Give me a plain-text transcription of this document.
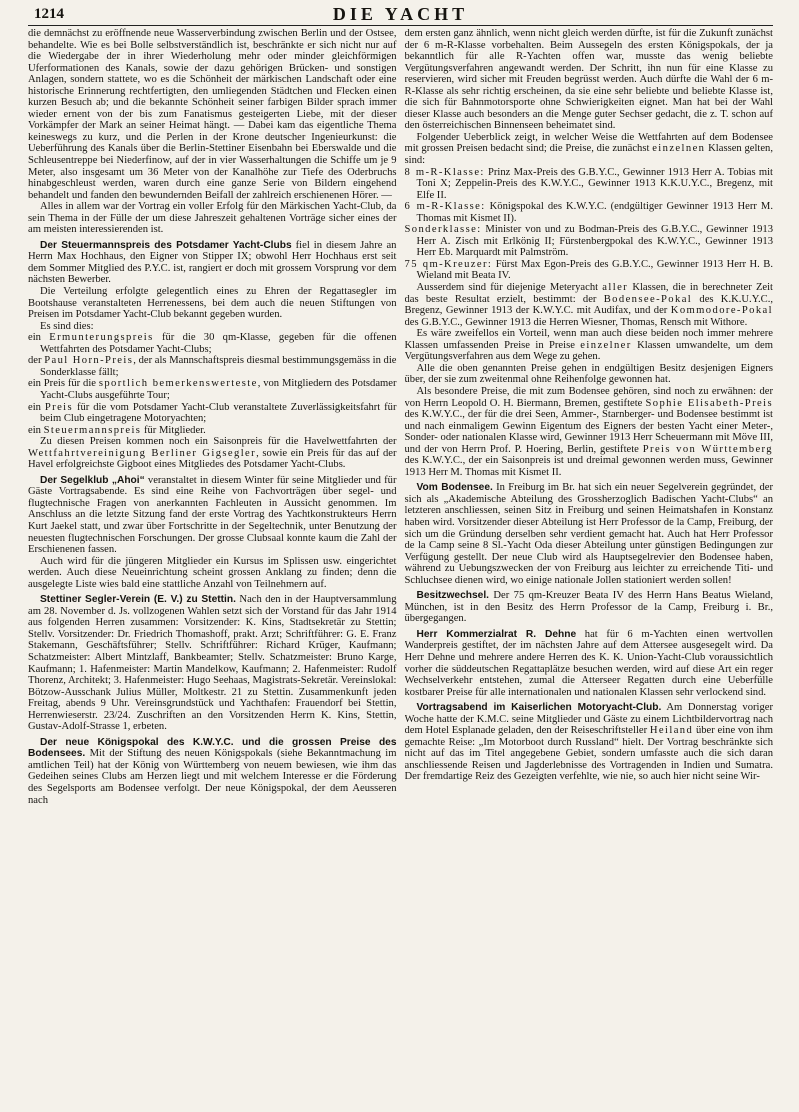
1214	DIE YACHT

die demnächst zu eröffnende neue Wasserverbindung zwischen Berlin und der Ostsee, behandelte. Wie es bei Bolle selbstverständlich ist, beschränkte er sich nicht nur auf die Wiedergabe der in ihrer Wiederholung mehr oder minder gleichförmigen Uferformationen des Kanals, sowie der dazu gehörigen Brücken- und sonstigen Anlagen, sondern stattete, wo es die Schönheit der märkischen Landschaft oder eine historische Erinnerung rechtfertigten, den umliegenden Städtchen und Flecken einen kurzen Besuch ab; und die bekannte Schönheit seiner farbigen Bilder sprach immer wieder ernent von der bis zum Fanatismus gesteigerten Liebe, mit der dieser Vorkämpfer der Mark an seiner Heimat hängt. — Dabei kam das eigentliche Thema keineswegs zu kurz, und die Perlen in der Krone deutscher Ingenieurkunst: die Ueberführung des Kanals über die Berlin-Stettiner Eisenbahn bei Eberswalde und die Schleusentreppe bei Niederfinow, auf der in vier Wasserhaltungen die Schiffe um je 9 Meter, also insgesamt um 36 Meter von der Kanalhöhe zur Tiefe des Oderbruchs hinabgeschleust werden, waren durch eine ganze Serie von Bildern eingehend behandelt und fanden den bewundernden Beifall der zahlreich erschienenen Hörer. —

Alles in allem war der Vortrag ein voller Erfolg für den Märkischen Yacht-Club, da sein Thema in der Fülle der um diese Jahreszeit gehaltenen Vorträge sicher eines der am meisten interessierenden ist.

Der Steuermannspreis des Potsdamer Yacht-Clubs fiel in diesem Jahre an Herrn Max Hochhaus, den Eigner von Stipper IX; obwohl Herr Hochhaus erst seit dem Sommer Mitglied des P.Y.C. ist, rangiert er doch mit grossem Vorsprung vor dem nächsten Bewerber.

Die Verteilung erfolgte gelegentlich eines zu Ehren der Regattasegler im Bootshause veranstalteten Herrenessens, bei dem auch die neuen Stiftungen von Preisen im Potsdamer Yacht-Club bekannt gegeben wurden.

Es sind dies:

ein Ermunterungspreis für die 30 qm-Klasse, gegeben für die offenen Wettfahrten des Potsdamer Yacht-Clubs;

der Paul Horn-Preis, der als Mannschaftspreis diesmal bestimmungsgemäss in die Sonderklasse fällt;

ein Preis für die sportlich bemerkenswerteste, von Mitgliedern des Potsdamer Yacht-Clubs ausgeführte Tour;

ein Preis für die vom Potsdamer Yacht-Club veranstaltete Zuverlässigkeitsfahrt für beim Club eingetragene Motoryachten;

ein Steuermannspreis für Mitglieder.

Zu diesen Preisen kommen noch ein Saisonpreis für die Havelwettfahrten der Wettfahrtvereinigung Berliner Gigsegler, sowie ein Preis für das auf der Havel erfolgreichste Gigboot eines Mitgliedes des Potsdamer Yacht-Clubs.

Der Segelklub „Ahoi“ veranstaltet in diesem Winter für seine Mitglieder und für Gäste Vortragsabende. Es sind eine Reihe von Fachvorträgen über segel- und flugtechnische Fragen von anerkannten Fachleuten in Aussicht genommen. Im Anschluss an die letzte Sitzung fand der erste Vortrag des Yachtkonstrukteurs Herrn Kurt Jaekel statt, und zwar über Fortschritte in der Segeltechnik, unter Benutzung der neuesten flugtechnischen Forschungen. Der grosse Clubsaal konnte kaum die Zahl der Erschienenen fassen.

Auch wird für die jüngeren Mitglieder ein Kursus im Splissen usw. eingerichtet werden. Auch diese Neueinrichtung scheint grossen Anklang zu finden; denn die ausgelegte Liste wies bald eine stattliche Anzahl von Teilnehmern auf.

Stettiner Segler-Verein (E. V.) zu Stettin. Nach den in der Hauptversammlung am 28. November d. Js. vollzogenen Wahlen setzt sich der Vorstand für das Jahr 1914 aus folgenden Herren zusammen: Vorsitzender: K. Kins, Stadtsekretär zu Stettin; Stellv. Vorsitzender: Dr. Friedrich Thomashoff, prakt. Arzt; Schriftführer: G. E. Franz Stakemann, Geschäftsführer; Stellv. Schriftführer: Richard Krüger, Kaufmann; Schatzmeister: Albert Mintzlaff, Bankbeamter; Stellv. Schatzmeister: Bruno Karge, Kaufmann; 1. Hafenmeister: Martin Mandelkow, Kaufmann; 2. Hafenmeister: Rudolf Thorenz, Architekt; 3. Hafenmeister: Hugo Seehaas, Magistrats-Sekretär. Vereinslokal: Bötzow-Ausschank Julius Müller, Moltkestr. 21 zu Stettin. Zusammenkunft jeden Freitag, abends 9 Uhr. Vereinsgrundstück und Yachthafen: Frauendorf bei Stettin, Herrenwieserstr. 23/24. Zuschriften an den Vorsitzenden Herrn K. Kins, Stettin, Gustav-Adolf-Strasse 1, erbeten.

Der neue Königspokal des K.W.Y.C. und die grossen Preise des Bodensees. Mit der Stiftung des neuen Königspokals (siehe Bekanntmachung im amtlichen Teil) hat der König von Württemberg von neuem bewiesen, wie ihm das Gedeihen seines Clubs am Herzen liegt und mit welchem Interesse er die Förderung des Segelsports am Bodensee verfolgt. Der neue Königspokal, der dem Aeusseren nach

dem ersten ganz ähnlich, wenn nicht gleich werden dürfte, ist für die Zukunft zunächst der 6 m-R-Klasse vorbehalten. Beim Aussegeln des ersten Königspokals, der ja bekanntlich für alle R-Yachten offen war, musste das wenig beliebte Vergütungsverfahren angewandt werden. Der Schritt, ihn nun für eine Klasse zu reservieren, wird sicher mit Freuden begrüsst werden. Auch dürfte die Wahl der 6 m-R-Klasse als sehr richtig erscheinen, da sie eine sehr beliebte und beliebte Klasse ist, die sich für Bahnmotorsporte ohne Schwierigkeiten eignet. Man hat bei der Wahl dieser Klasse auch besonders an die Menge guter Sechser gedacht, die z. T. schon auf den österreichischen Binnenseen beheimatet sind.

Folgender Ueberblick zeigt, in welcher Weise die Wettfahrten auf dem Bodensee mit grossen Preisen bedacht sind; die Preise, die zunächst einzelnen Klassen gelten, sind:

8 m-R-Klasse: Prinz Max-Preis des G.B.Y.C., Gewinner 1913 Herr A. Tobias mit Toni X; Zeppelin-Preis des K.W.Y.C., Gewinner 1913 K.K.U.Y.C., Bregenz, mit Elfe II.

6 m-R-Klasse: Königspokal des K.W.Y.C. (endgültiger Gewinner 1913 Herr M. Thomas mit Kismet II).

Sonderklasse: Minister von und zu Bodman-Preis des G.B.Y.C., Gewinner 1913 Herr A. Zisch mit Erlkönig II; Fürstenbergpokal des K.W.Y.C., Gewinner 1913 Herr Eb. Marquardt mit Palmström.

75 qm-Kreuzer: Fürst Max Egon-Preis des G.B.Y.C., Gewinner 1913 Herr H. B. Wieland mit Beata IV.

Ausserdem sind für diejenige Meteryacht aller Klassen, die in berechneter Zeit das beste Resultat erzielt, bestimmt: der Bodensee-Pokal des K.K.U.Y.C., Bregenz, Gewinner 1913 der K.W.Y.C. mit Audifax, und der Kommodore-Pokal des G.B.Y.C., Gewinner 1913 die Herren Wiesner, Thomas, Rensch mit Withore.

Es wäre zweifellos ein Vorteil, wenn man auch diese beiden noch immer mehrere Klassen umfassenden Preise in Preise einzelner Klassen umwandelte, um dem Vergütungsverfahren aus dem Wege zu gehen.

Alle die oben genannten Preise gehen in endgültigen Besitz desjenigen Eigners über, der sie zum zweitenmal ohne Reihenfolge gewonnen hat.

Als besondere Preise, die mit zum Bodensee gehören, sind noch zu erwähnen: der von Herrn Leopold O. H. Biermann, Bremen, gestiftete Sophie Elisabeth-Preis des K.W.Y.C., der für die drei Seen, Ammer-, Starnberger- und Bodensee bestimmt ist und nach einmaligem Gewinn Eigentum des Eigners der besten Yacht einer Meter-, Sonder- oder nationalen Klasse wird, Gewinner 1913 Herr Scheuermann mit Möve III, und der von Herrn Prof. P. Hoering, Berlin, gestiftete Preis von Württemberg des K.W.Y.C., der ein Saisonpreis ist und dreimal gewonnen werden muss, Gewinner 1913 Herr M. Thomas mit Kismet II.

Vom Bodensee. In Freiburg im Br. hat sich ein neuer Segelverein gegründet, der sich als „Akademische Abteilung des Grossherzoglich Badischen Yacht-Clubs“ an letzteren anschliessen, seinen Sitz in Freiburg und seinen Heimatshafen in Konstanz haben wird. Vorsitzender dieser Abteilung ist Herr Professor de la Camp, Freiburg, der sich um die Gründung derselben sehr verdient gemacht hat. Auch hat Herr Professor de la Camp seine 8 Sl.-Yacht Oda dieser Abteilung unter günstigen Bedingungen zur Verfügung gestellt. Der neue Club wird als Hauptsegelrevier den Bodensee haben, während zu Uebungszwecken der von Freiburg aus leichter zu erreichende Titi- und Schluchsee dienen wird, wo einige nationale Jollen stationiert werden sollen!

Besitzwechsel. Der 75 qm-Kreuzer Beata IV des Herrn Hans Beatus Wieland, München, ist in den Besitz des Herrn Professor de la Camp, Freiburg i. Br., übergegangen.

Herr Kommerzialrat R. Dehne hat für 6 m-Yachten einen wertvollen Wanderpreis gestiftet, der im nächsten Jahre auf dem Attersee ausgesegelt wird. Da Herr Dehne und mehrere andere Herren des K. K. Union-Yacht-Club voraussichtlich vorher die süddeutschen Regattaplätze besuchen werden, wird auf diese Art ein reger Wechselverkehr entstehen, zumal die Atterseer Regatten durch eine Ueberfülle kostbarer Preise für alle internationalen und nationalen Klassen sehr verlockend sind.

Vortragsabend im Kaiserlichen Motoryacht-Club. Am Donnerstag voriger Woche hatte der K.M.C. seine Mitglieder und Gäste zu einem Lichtbildervortrag nach dem Hotel Esplanade geladen, den der Reiseschriftsteller Heiland über eine von ihm gemachte Reise: „Im Motorboot durch Russland“ hielt. Der Vortrag beschränkte sich nicht auf das im Titel angegebene Gebiet, sondern umfasste auch die sich daran anschliessende Reisen und Jagderlebnisse des Vortragenden in Indien und Sumatra. Der fremdartige Reiz des Gezeigten verfehlte, wie nie, so auch hier nicht seine Wir-
